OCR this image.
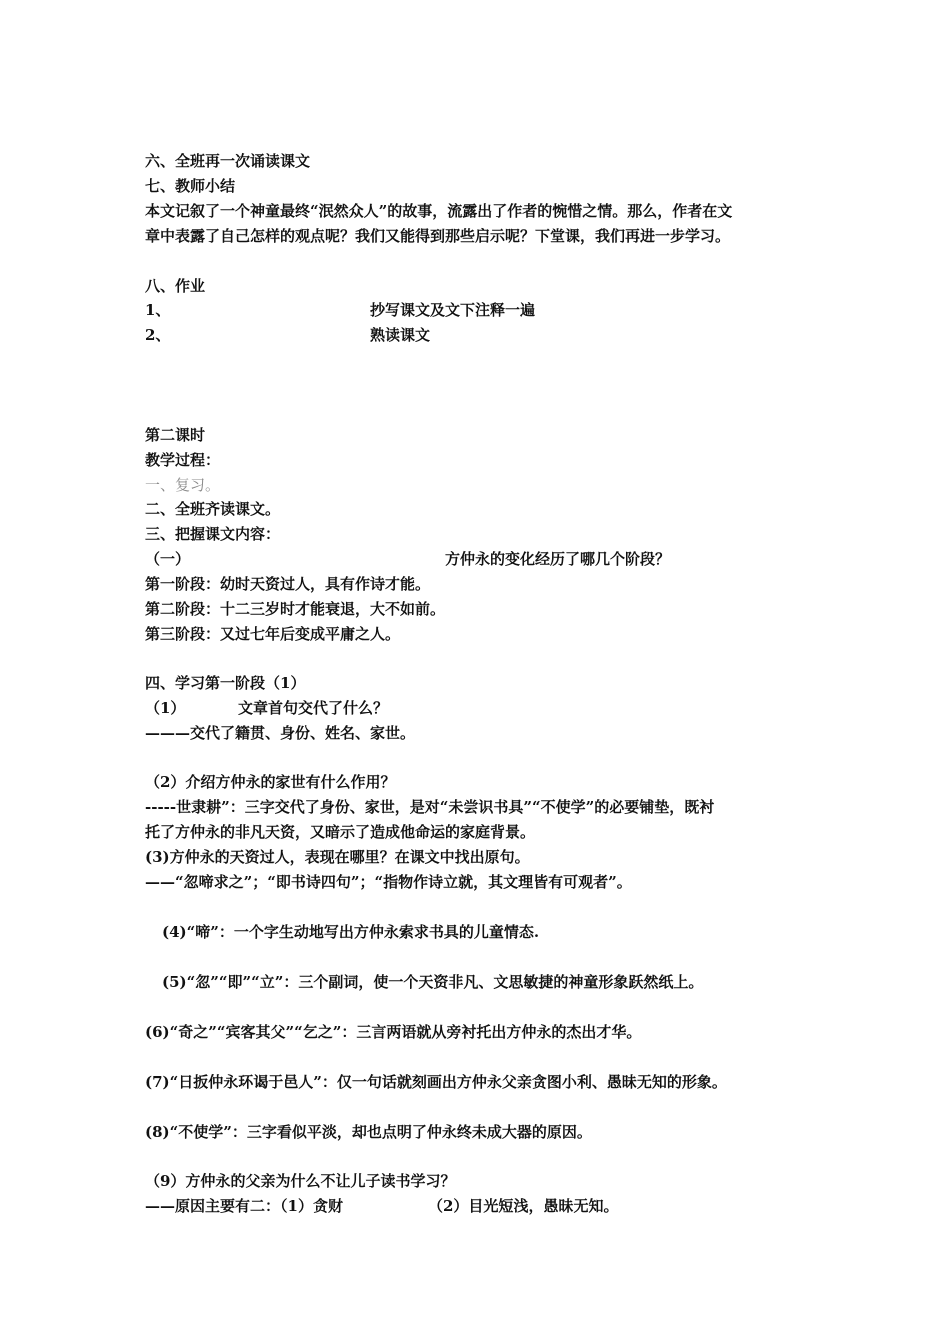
六、全班再一次诵读课文
七、教师小结
本文记叙了一个神童最终“泯然众人”的故事，流露出了作者的惋惜之情。那么，作者在文
章中表露了自己怎样的观点呢？我们又能得到那些启示呢？下堂课，我们再进一步学习。
八、作业
1、	抄写课文及文下注释一遍
2、	熟读课文
第二课时
教学过程：
一、复习。
二、全班齐读课文。
三、把握课文内容：
（一）	方仲永的变化经历了哪几个阶段？
第一阶段：幼时天资过人，具有作诗才能。
第二阶段：十二三岁时才能衰退，大不如前。
第三阶段：又过七年后变成平庸之人。
四、学习第一阶段（1）
（1）	文章首句交代了什么？
———交代了籍贯、身份、姓名、家世。
（2）介绍方仲永的家世有什么作用？
-----世隶耕”：三字交代了身份、家世，是对“未尝识书具”“不使学”的必要铺垫，既衬
托了方仲永的非凡天资，又暗示了造成他命运的家庭背景。
(3)方仲永的天资过人，表现在哪里？在课文中找出原句。
——“忽啼求之”；“即书诗四句”；“指物作诗立就，其文理皆有可观者”。
(4)“啼”：一个字生动地写出方仲永索求书具的儿童情态.
(5)“忽”“即”“立”：三个副词，使一个天资非凡、文思敏捷的神童形象跃然纸上。
(6)“奇之”“宾客其父”“乞之”：三言两语就从旁衬托出方仲永的杰出才华。
(7)“日扳仲永环谒于邑人”：仅一句话就刻画出方仲永父亲贪图小利、愚昧无知的形象。
(8)“不使学”：三字看似平淡，却也点明了仲永终未成大器的原因。
（9）方仲永的父亲为什么不让儿子读书学习？
——原因主要有二：（1）贪财	（2）目光短浅，愚昧无知。
